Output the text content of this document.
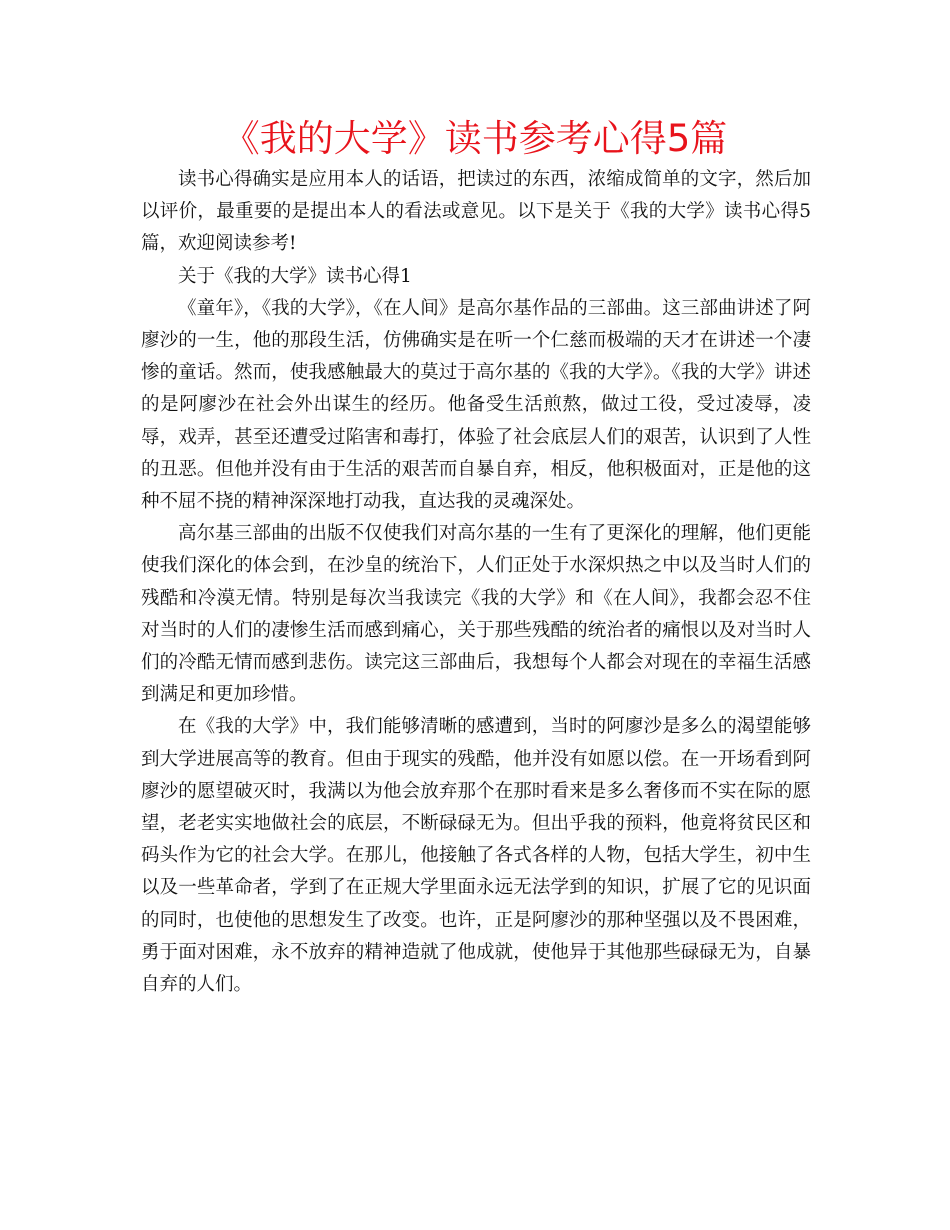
《我的大学》读书参考心得5篇

读书心得确实是应用本人的话语，把读过的东西，浓缩成简单的文字，然后加以评价，最重要的是提出本人的看法或意见。以下是关于《我的大学》读书心得5篇，欢迎阅读参考!

关于《我的大学》读书心得1

《童年》，《我的大学》，《在人间》是高尔基作品的三部曲。这三部曲讲述了阿廖沙的一生，他的那段生活，仿佛确实是在听一个仁慈而极端的天才在讲述一个凄惨的童话。然而，使我感触最大的莫过于高尔基的《我的大学》。《我的大学》讲述的是阿廖沙在社会外出谋生的经历。他备受生活煎熬，做过工役，受过凌辱，凌辱，戏弄，甚至还遭受过陷害和毒打，体验了社会底层人们的艰苦，认识到了人性的丑恶。但他并没有由于生活的艰苦而自暴自弃，相反，他积极面对，正是他的这种不屈不挠的精神深深地打动我，直达我的灵魂深处。

高尔基三部曲的出版不仅使我们对高尔基的一生有了更深化的理解，他们更能使我们深化的体会到，在沙皇的统治下，人们正处于水深炽热之中以及当时人们的残酷和冷漠无情。特别是每次当我读完《我的大学》和《在人间》，我都会忍不住对当时的人们的凄惨生活而感到痛心，关于那些残酷的统治者的痛恨以及对当时人们的冷酷无情而感到悲伤。读完这三部曲后，我想每个人都会对现在的幸福生活感到满足和更加珍惜。

在《我的大学》中，我们能够清晰的感遭到，当时的阿廖沙是多么的渴望能够到大学进展高等的教育。但由于现实的残酷，他并没有如愿以偿。在一开场看到阿廖沙的愿望破灭时，我满以为他会放弃那个在那时看来是多么奢侈而不实在际的愿望，老老实实地做社会的底层，不断碌碌无为。但出乎我的预料，他竟将贫民区和码头作为它的社会大学。在那儿，他接触了各式各样的人物，包括大学生，初中生以及一些革命者，学到了在正规大学里面永远无法学到的知识，扩展了它的见识面的同时，也使他的思想发生了改变。也许，正是阿廖沙的那种坚强以及不畏困难，勇于面对困难，永不放弃的精神造就了他成就，使他异于其他那些碌碌无为，自暴自弃的人们。
